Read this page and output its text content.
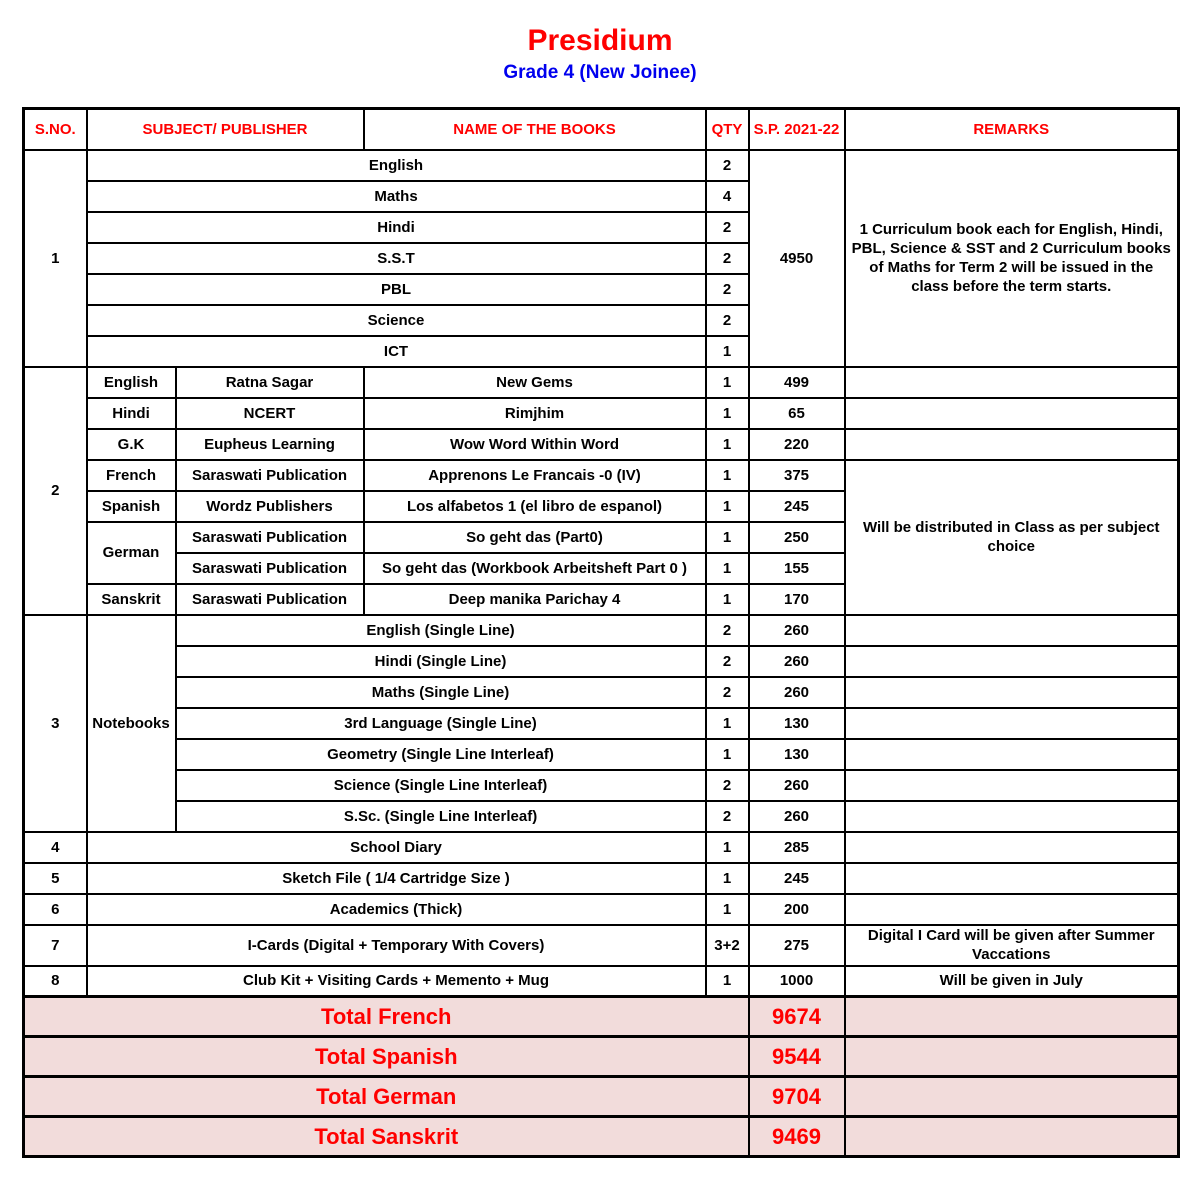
Presidium
Grade 4 (New Joinee)
S.NO.	SUBJECT/ PUBLISHER		NAME OF THE BOOKS	QTY	S.P. 2021-22	REMARKS
1	English			2	4950	1 Curriculum book each for English, Hindi, PBL, Science & SST and 2 Curriculum books of Maths for Term 2 will be issued in the class before the term starts.
	Maths			4		
	Hindi			2		
	S.S.T			2		
	PBL			2		
	Science			2		
	ICT			1		
2	English	Ratna Sagar	New Gems	1	499	
	Hindi	NCERT	Rimjhim	1	65	
	G.K	Eupheus Learning	Wow Word Within Word	1	220	
	French	Saraswati Publication	Apprenons Le Francais -0 (IV)	1	375	Will be distributed in Class as per subject choice
	Spanish	Wordz Publishers	Los alfabetos 1 (el libro de espanol)	1	245	
	German	Saraswati Publication	So geht das (Part0)	1	250	
		Saraswati Publication	So geht das (Workbook Arbeitsheft Part 0 )	1	155	
	Sanskrit	Saraswati Publication	Deep manika Parichay 4	1	170	
3	Notebooks	English (Single Line)		2	260	
		Hindi (Single Line)		2	260	
		Maths (Single Line)		2	260	
		3rd Language (Single Line)		1	130	
		Geometry (Single Line Interleaf)		1	130	
		Science (Single Line Interleaf)		2	260	
		S.Sc. (Single Line Interleaf)		2	260	
4	School Diary			1	285	
5	Sketch File ( 1/4 Cartridge Size )			1	245	
6	Academics (Thick)			1	200	
7	I-Cards (Digital + Temporary With Covers)			3+2	275	Digital I Card will be given after Summer Vaccations
8	Club Kit + Visiting Cards + Memento + Mug			1	1000	Will be given in July
Total French					9674	
Total Spanish					9544	
Total German					9704	
Total Sanskrit					9469	
